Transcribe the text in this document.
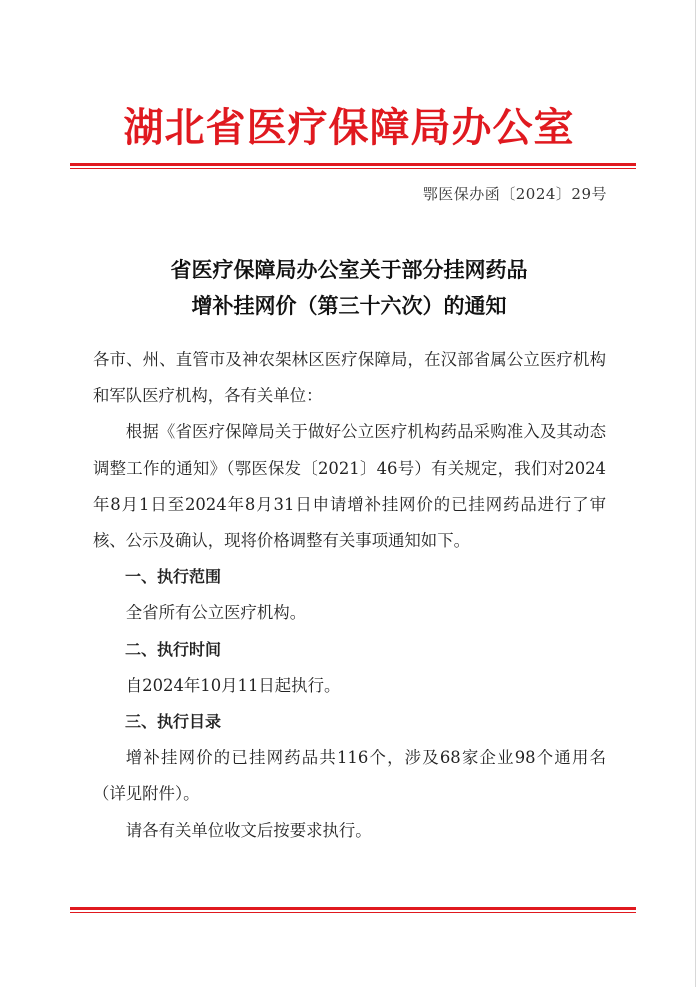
湖北省医疗保障局办公室
鄂医保办函〔2024〕29号
省医疗保障局办公室关于部分挂网药品
增补挂网价（第三十六次）的通知

各市、州、直管市及神农架林区医疗保障局，在汉部省属公立医疗机构和军队医疗机构，各有关单位：

根据《省医疗保障局关于做好公立医疗机构药品采购准入及其动态调整工作的通知》（鄂医保发〔2021〕46号）有关规定，我们对2024年8月1日至2024年8月31日申请增补挂网价的已挂网药品进行了审核、公示及确认，现将价格调整有关事项通知如下。

一、执行范围

全省所有公立医疗机构。

二、执行时间

自2024年10月11日起执行。

三、执行目录

增补挂网价的已挂网药品共116个，涉及68家企业98个通用名（详见附件）。

请各有关单位收文后按要求执行。
